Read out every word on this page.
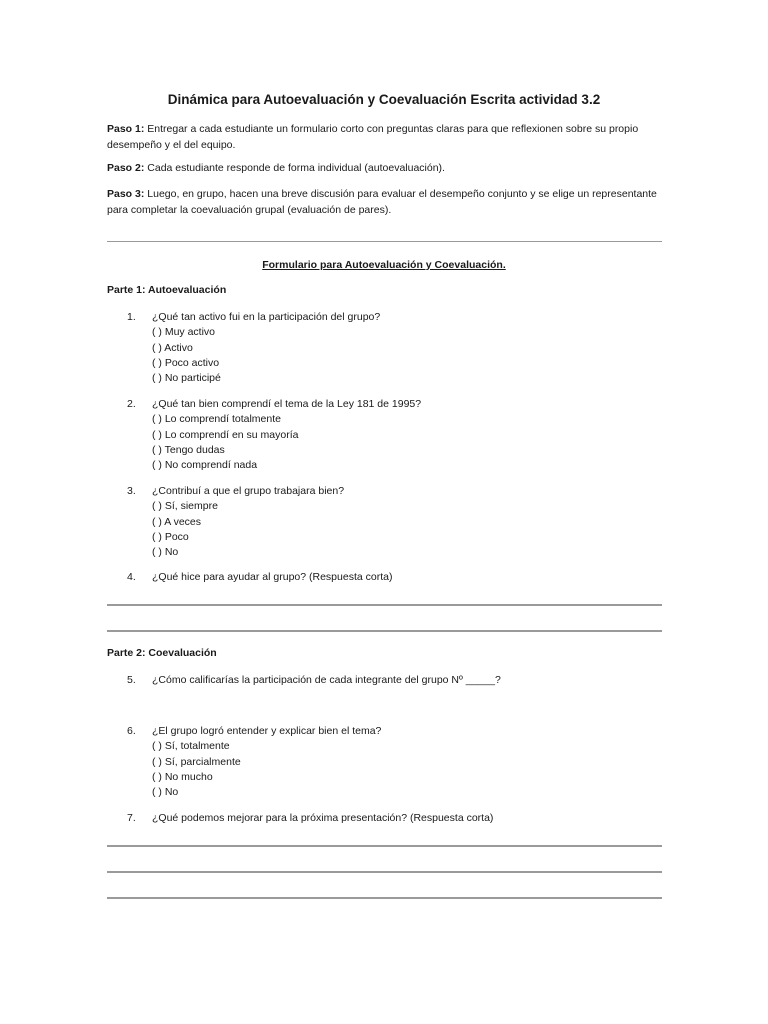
Dinámica para Autoevaluación y Coevaluación Escrita actividad 3.2

Paso 1: Entregar a cada estudiante un formulario corto con preguntas claras para que reflexionen sobre su propio desempeño y el del equipo.

Paso 2: Cada estudiante responde de forma individual (autoevaluación).

Paso 3: Luego, en grupo, hacen una breve discusión para evaluar el desempeño conjunto y se elige un representante para completar la coevaluación grupal (evaluación de pares).

Formulario para Autoevaluación y Coevaluación.

Parte 1: Autoevaluación

1.	¿Qué tan activo fui en la participación del grupo?
( ) Muy activo
( ) Activo
( ) Poco activo
( ) No participé
2.	¿Qué tan bien comprendí el tema de la Ley 181 de 1995?
( ) Lo comprendí totalmente
( ) Lo comprendí en su mayoría
( ) Tengo dudas
( ) No comprendí nada
3.	¿Contribuí a que el grupo trabajara bien?
( ) Sí, siempre
( ) A veces
( ) Poco
( ) No
4.	¿Qué hice para ayudar al grupo? (Respuesta corta)

Parte 2: Coevaluación

5.	¿Cómo calificarías la participación de cada integrante del grupo Nº _____?
6.	¿El grupo logró entender y explicar bien el tema?
( ) Sí, totalmente
( ) Sí, parcialmente
( ) No mucho
( ) No
7.	¿Qué podemos mejorar para la próxima presentación? (Respuesta corta)
